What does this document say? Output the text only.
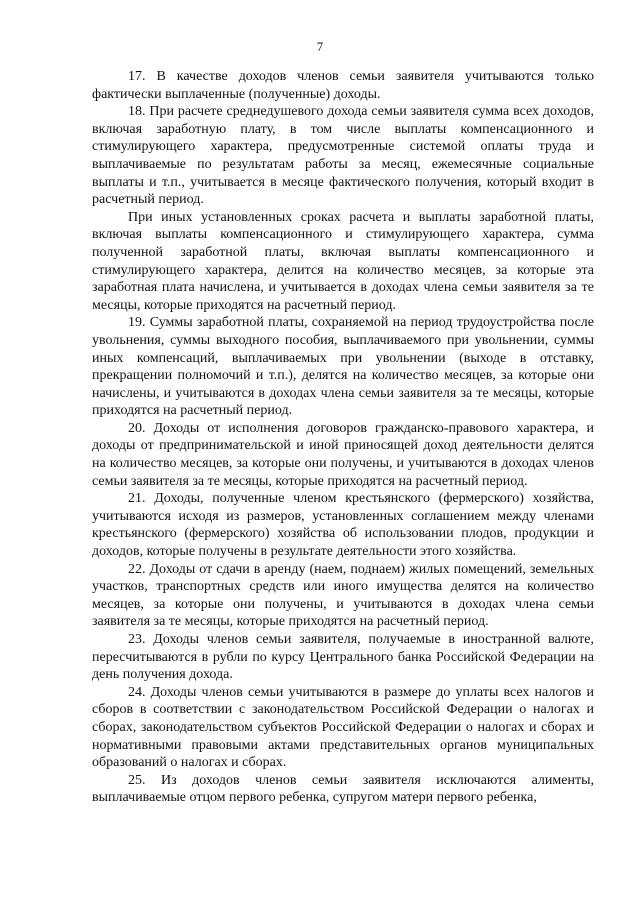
7

17. В качестве доходов членов семьи заявителя учитываются только фактически выплаченные (полученные) доходы.

18. При расчете среднедушевого дохода семьи заявителя сумма всех доходов, включая заработную плату, в том числе выплаты компенсационного и стимулирующего характера, предусмотренные системой оплаты труда и выплачиваемые по результатам работы за месяц, ежемесячные социальные выплаты и т.п., учитывается в месяце фактического получения, который входит в расчетный период.

При иных установленных сроках расчета и выплаты заработной платы, включая выплаты компенсационного и стимулирующего характера, сумма полученной заработной платы, включая выплаты компенсационного и стимулирующего характера, делится на количество месяцев, за которые эта заработная плата начислена, и учитывается в доходах члена семьи заявителя за те месяцы, которые приходятся на расчетный период.

19. Суммы заработной платы, сохраняемой на период трудоустройства после увольнения, суммы выходного пособия, выплачиваемого при увольнении, суммы иных компенсаций, выплачиваемых при увольнении (выходе в отставку, прекращении полномочий и т.п.), делятся на количество месяцев, за которые они начислены, и учитываются в доходах члена семьи заявителя за те месяцы, которые приходятся на расчетный период.

20. Доходы от исполнения договоров гражданско-правового характера, и доходы от предпринимательской и иной приносящей доход деятельности делятся на количество месяцев, за которые они получены, и учитываются в доходах членов семьи заявителя за те месяцы, которые приходятся на расчетный период.

21. Доходы, полученные членом крестьянского (фермерского) хозяйства, учитываются исходя из размеров, установленных соглашением между членами крестьянского (фермерского) хозяйства об использовании плодов, продукции и доходов, которые получены в результате деятельности этого хозяйства.

22. Доходы от сдачи в аренду (наем, поднаем) жилых помещений, земельных участков, транспортных средств или иного имущества делятся на количество месяцев, за которые они получены, и учитываются в доходах члена семьи заявителя за те месяцы, которые приходятся на расчетный период.

23. Доходы членов семьи заявителя, получаемые в иностранной валюте, пересчитываются в рубли по курсу Центрального банка Российской Федерации на день получения дохода.

24. Доходы членов семьи учитываются в размере до уплаты всех налогов и сборов в соответствии с законодательством Российской Федерации о налогах и сборах, законодательством субъектов Российской Федерации о налогах и сборах и нормативными правовыми актами представительных органов муниципальных образований о налогах и сборах.

25. Из доходов членов семьи заявителя исключаются алименты, выплачиваемые отцом первого ребенка, супругом матери первого ребенка,
